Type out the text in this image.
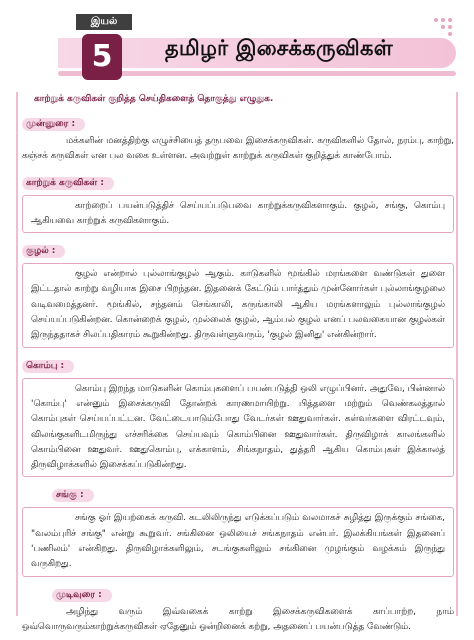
இயல்
5	தமிழர் இசைக்கருவிகள்

காற்றுக் கருவிகள் குறித்த செய்திகளைத் தொகுத்து எழுதுக.

முன்னுரை :

மக்களின் மனத்திற்கு எழுச்சியைத் தருபவை இசைக்கருவிகள். கருவிகளில் தோல், நரம்பு, காற்று, கஞ்சக் கருவிகள் என பல வகை உள்ளன. அவற்றுள் காற்றுக் கருவிகள் குறித்துக் காண்போம்.

காற்றுக் கருவிகள் :

காற்றைப் பயன்படுத்திச் செய்யப்படுபவை காற்றுக்கருவிகளாகும். குழல், சங்கு, கொம்பு ஆகியவை காற்றுக் கருவிகளாகும்.

குழல் :

குழல் என்றால் புல்லாங்குழல் ஆகும். காடுகளில் மூங்கில் மரங்களை வண்டுகள் துளை இட்டதால் காற்று வழியாக இசை பிறந்தன. இதனைக் கேட்டும் பார்த்தும் முன்னோர்கள் புல்லாங்குழலை வடிவமைத்தனர். மூங்கில், சந்தனம் செங்காலி, கருங்காலி ஆகிய மரங்களாலும் புல்லாங்குழல் செய்யப்படுகின்றன. கொன்றைக் குழல், முல்லைக் குழல், ஆம்பல் குழல் எனப் பலவகையான குழல்கள் இருந்ததாகச் சிலப்பதிகாரம் கூறுகின்றது. திருவள்ளுவரும், 'குழல் இனிது' என்கின்றார்.

கொம்பு :

கொம்பு இறந்த மாடுகளின் கொம்புகளைப் பயன்படுத்தி ஒலி எழுப்பினர். அதுவே, பின்னால் 'கொம்பு' என்னும் இசைக்கருவி தோன்றக் காரணமாயிற்று. பித்தளை மற்றும் வெண்கலத்தால் கொம்புகள் செய்யப்பட்டன. வேட்டையாடும்போது வேடர்கள் ஊதுவார்கள். கள்வர்களை விரட்டவும், விலங்குகளிடமிருந்து எச்சரிக்கை செய்யவும் கொம்பினை ஊதுவார்கள். திருவிழாக் காலங்களில் கொம்பினை ஊதுவர். ஊதுகொம்பு, எக்காளம், சிங்கநாதம், துத்தரி ஆகிய கொம்புகள் இக்காலத் திருவிழாக்களில் இசைக்கப்படுகின்றது.

சங்கு :

சங்கு ஓர் இயற்கைக் கருவி. கடலிலிருந்து எடுக்கப்படும் வலமாகச் சுழித்து இருக்கும் சங்கை, "வலம்புரிச் சங்கு" என்று கூறுவர். சங்கினை ஒலியைச் சங்கநாதம் என்பர். இலக்கியங்கள் இதனைப் 'பணிலம்' என்கிறது. திருவிழாக்களிலும், சடங்குகளிலும் சங்கினை முழங்கும் வழக்கம் இருந்து வருகிறது.

முடிவுரை :

அழிந்து வரும் இவ்வகைக் காற்று இசைக்கருவிகளைக் காப்பாற்ற, நாம் ஒவ்வொருவரும்காற்றுக்கருவிகள் ஏதேனும் ஒன்றினைக் கற்று, அதனைப் பயன்படுத்த வேண்டும்.
